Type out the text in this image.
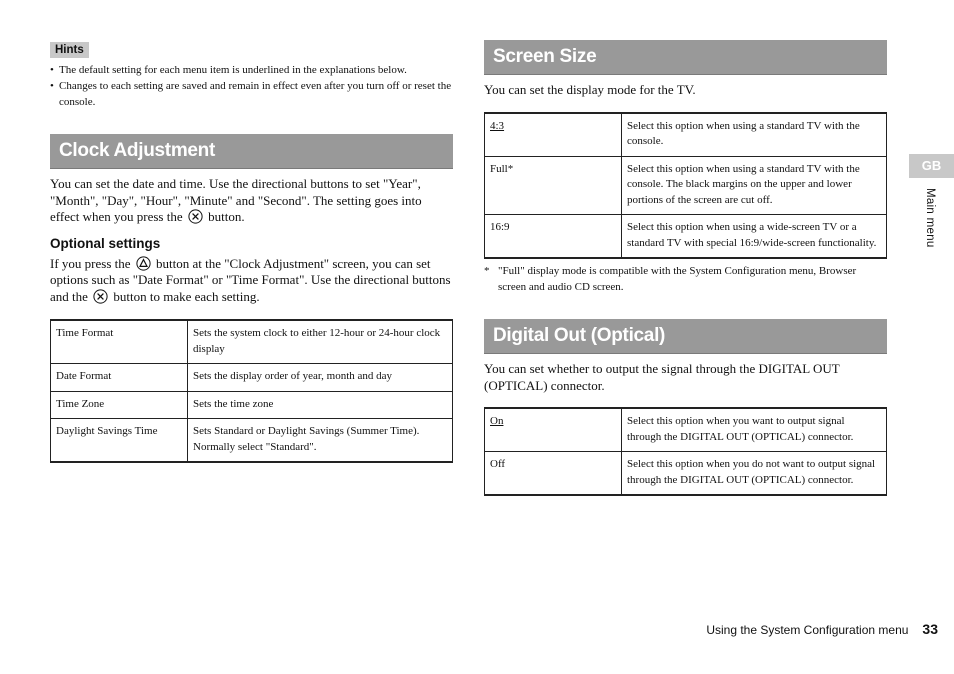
Hints
• The default setting for each menu item is underlined in the explanations below.
• Changes to each setting are saved and remain in effect even after you turn off or reset the console.
Clock Adjustment

You can set the date and time. Use the directional buttons to set "Year", "Month", "Day", "Hour", "Minute" and "Second". The setting goes into effect when you press the button.

Optional settings

If you press the button at the "Clock Adjustment" screen, you can set options such as "Date Format" or "Time Format". Use the directional buttons and the button to make each setting.

Time Format	Sets the system clock to either 12-hour or 24-hour clock display
Date Format	Sets the display order of year, month and day
Time Zone	Sets the time zone
Daylight Savings Time	Sets Standard or Daylight Savings (Summer Time). Normally select "Standard".
Screen Size

You can set the display mode for the TV.

4:3	Select this option when using a standard TV with the console.
Full*	Select this option when using a standard TV with the console. The black margins on the upper and lower portions of the screen are cut off.
16:9	Select this option when using a wide-screen TV or a standard TV with special 16:9/wide-screen functionality.

* "Full" display mode is compatible with the System Configuration menu, Browser screen and audio CD screen.

Digital Out (Optical)

You can set whether to output the signal through the DIGITAL OUT (OPTICAL) connector.

On	Select this option when you want to output signal through the DIGITAL OUT (OPTICAL) connector.
Off	Select this option when you do not want to output signal through the DIGITAL OUT (OPTICAL) connector.
GB
Main menu
Using the System Configuration menu 33
